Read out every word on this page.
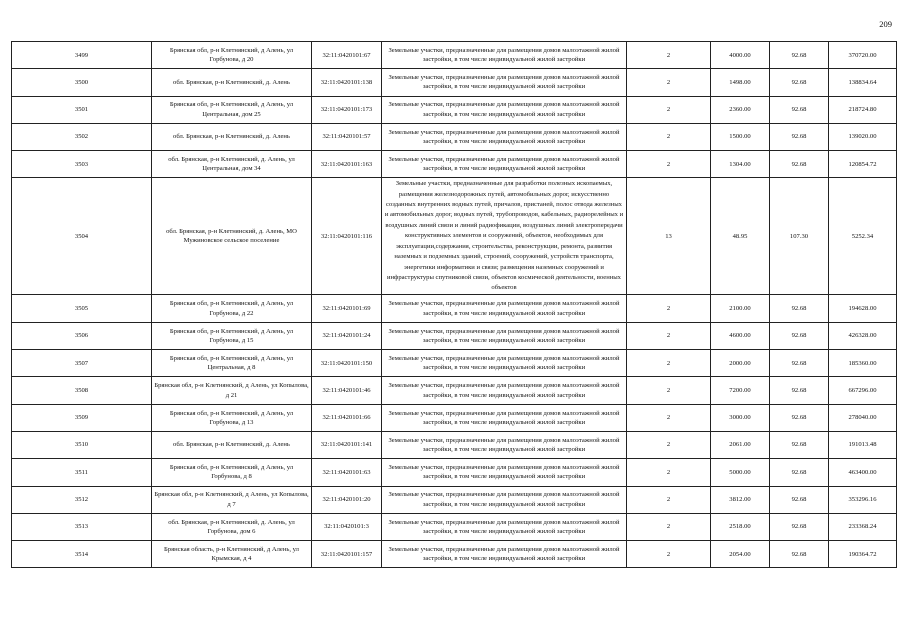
209
3499	Брянская обл, р-н Клетнянский, д Алень, ул Горбунова, д 20	32:11:0420101:67	Земельные участки, предназначенные для размещения домов малоэтажной жилой застройки, в том числе индивидуальной жилой застройки	2	4000.00	92.68	370720.00
3500	обл. Брянская, р-н Клетнянский, д. Алень	32:11:0420101:138	Земельные участки, предназначенные для размещения домов малоэтажной жилой застройки, в том числе индивидуальной жилой застройки	2	1498.00	92.68	138834.64
3501	Брянская обл, р-н Клетнянский, д Алень, ул Центральная, дом 25	32:11:0420101:173	Земельные участки, предназначенные для размещения домов малоэтажной жилой застройки, в том числе индивидуальной жилой застройки	2	2360.00	92.68	218724.80
3502	обл. Брянская, р-н Клетнянский, д. Алень	32:11:0420101:57	Земельные участки, предназначенные для размещения домов малоэтажной жилой застройки, в том числе индивидуальной жилой застройки	2	1500.00	92.68	139020.00
3503	обл. Брянская, р-н Клетнянский, д. Алень, ул Центральная, дом 34	32:11:0420101:163	Земельные участки, предназначенные для размещения домов малоэтажной жилой застройки, в том числе индивидуальной жилой застройки	2	1304.00	92.68	120854.72
3504	обл. Брянская, р-н Клетнянский, д. Алень, МО Мужиновское сельское поселение	32:11:0420101:116	Земельные участки, предназначенные для разработки полезных ископаемых, размещения железнодорожных путей, автомобильных дорог, искусственно созданных внутренних водных путей, причалов, пристаней, полос отвода железных и автомобильных дорог, водных путей, трубопроводов, кабельных, радиорелейных и воздушных линий связи и линий радиофикации, воздушных линий электропередачи конструктивных элементов и сооружений, объектов, необходимых для эксплуатации,содержания, строительства, реконструкции, ремонта, развития наземных и подземных зданий, строений, сооружений, устройств транспорта, энергетики информатики и связи; размещения наземных сооружений и инфраструктуры спутниковой связи, объектов космической деятельности, военных объектов	13	48.95	107.30	5252.34
3505	Брянская обл, р-н Клетнянский, д Алень, ул Горбунова, д 22	32:11:0420101:69	Земельные участки, предназначенные для размещения домов малоэтажной жилой застройки, в том числе индивидуальной жилой застройки	2	2100.00	92.68	194628.00
3506	Брянская обл, р-н Клетнянский, д Алень, ул Горбунова, д 15	32:11:0420101:24	Земельные участки, предназначенные для размещения домов малоэтажной жилой застройки, в том числе индивидуальной жилой застройки	2	4600.00	92.68	426328.00
3507	Брянская обл, р-н Клетнянский, д Алень, ул Центральная, д 8	32:11:0420101:150	Земельные участки, предназначенные для размещения домов малоэтажной жилой застройки, в том числе индивидуальной жилой застройки	2	2000.00	92.68	185360.00
3508	Брянская обл, р-н Клетнянский, д Алень, ул Копылова, д 21	32:11:0420101:46	Земельные участки, предназначенные для размещения домов малоэтажной жилой застройки, в том числе индивидуальной жилой застройки	2	7200.00	92.68	667296.00
3509	Брянская обл, р-н Клетнянский, д Алень, ул Горбунова, д 13	32:11:0420101:66	Земельные участки, предназначенные для размещения домов малоэтажной жилой застройки, в том числе индивидуальной жилой застройки	2	3000.00	92.68	278040.00
3510	обл. Брянская, р-н Клетнянский, д. Алень	32:11:0420101:141	Земельные участки, предназначенные для размещения домов малоэтажной жилой застройки, в том числе индивидуальной жилой застройки	2	2061.00	92.68	191013.48
3511	Брянская обл, р-н Клетнянский, д Алень, ул Горбунова, д 8	32:11:0420101:63	Земельные участки, предназначенные для размещения домов малоэтажной жилой застройки, в том числе индивидуальной жилой застройки	2	5000.00	92.68	463400.00
3512	Брянская обл, р-н Клетнянский, д Алень, ул Копылова, д 7	32:11:0420101:20	Земельные участки, предназначенные для размещения домов малоэтажной жилой застройки, в том числе индивидуальной жилой застройки	2	3812.00	92.68	353296.16
3513	обл. Брянская, р-н Клетнянский, д. Алень, ул Горбунова, дом 6	32:11:0420101:3	Земельные участки, предназначенные для размещения домов малоэтажной жилой застройки, в том числе индивидуальной жилой застройки	2	2518.00	92.68	233368.24
3514	Брянская область, р-н Клетнянский, д Алень, ул Крымская, д 4	32:11:0420101:157	Земельные участки, предназначенные для размещения домов малоэтажной жилой застройки, в том числе индивидуальной жилой застройки	2	2054.00	92.68	190364.72
